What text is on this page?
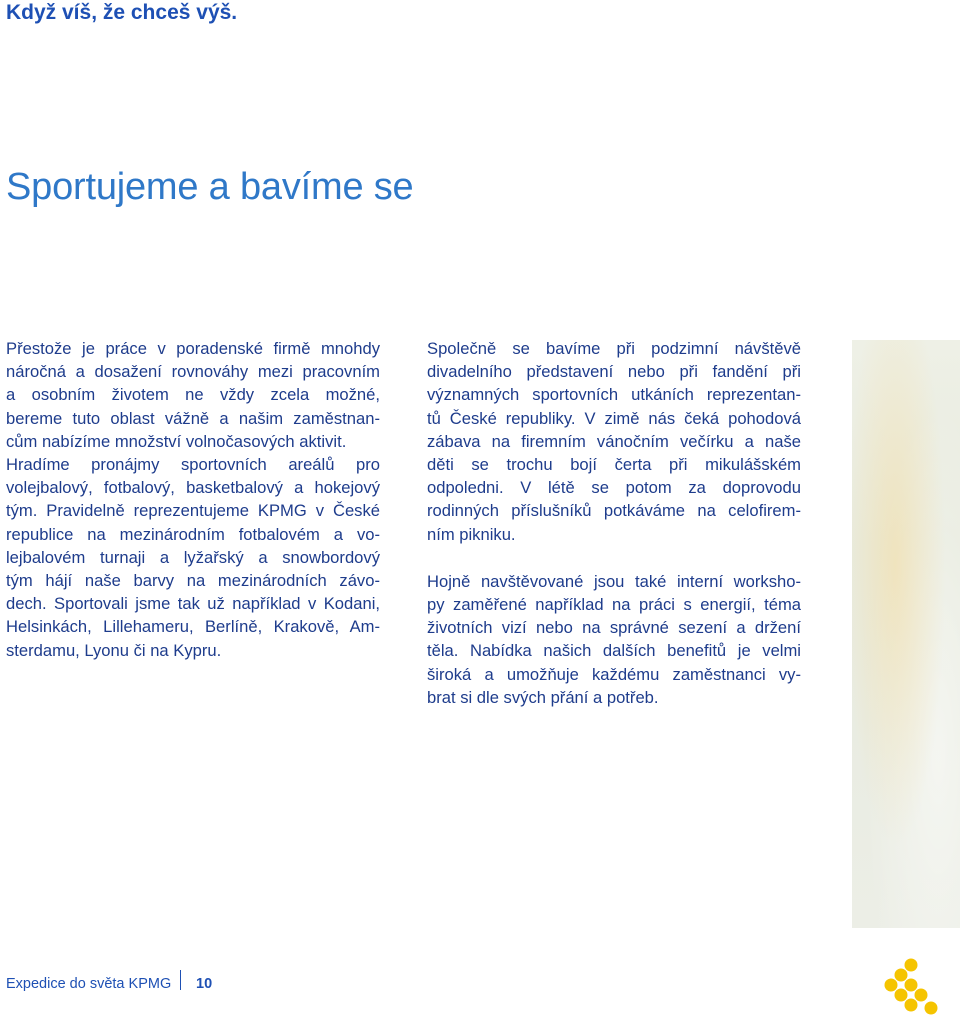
Když víš, že chceš výš.
Sportujeme a bavíme se

Přestože je práce v poradenské firmě mnohdy
náročná a dosažení rovnováhy mezi pracovním
a osobním životem ne vždy zcela možné,
bereme tuto oblast vážně a našim zaměstnan-
cům nabízíme množství volnočasových aktivit.
Hradíme pronájmy sportovních areálů pro
volejbalový, fotbalový, basketbalový a hokejový
tým. Pravidelně reprezentujeme KPMG v České
republice na mezinárodním fotbalovém a vo-
lejbalovém turnaji a lyžařský a snowbordový
tým hájí naše barvy na mezinárodních závo-
dech. Sportovali jsme tak už například v Kodani,
Helsinkách, Lillehameru, Berlíně, Krakově, Am-
sterdamu, Lyonu či na Kypru.

Společně se bavíme při podzimní návštěvě
divadelního představení nebo při fandění při
významných sportovních utkáních reprezentan-
tů České republiky. V zimě nás čeká pohodová
zábava na firemním vánočním večírku a naše
děti se trochu bojí čerta při mikulášském
odpoledni. V létě se potom za doprovodu
rodinných příslušníků potkáváme na celofirem-
ním pikniku.

Hojně navštěvované jsou také interní worksho-
py zaměřené například na práci s energií, téma
životních vizí nebo na správné sezení a držení
těla. Nabídka našich dalších benefitů je velmi
široká a umožňuje každému zaměstnanci vy-
brat si dle svých přání a potřeb.

Expedice do světa KPMG 10
